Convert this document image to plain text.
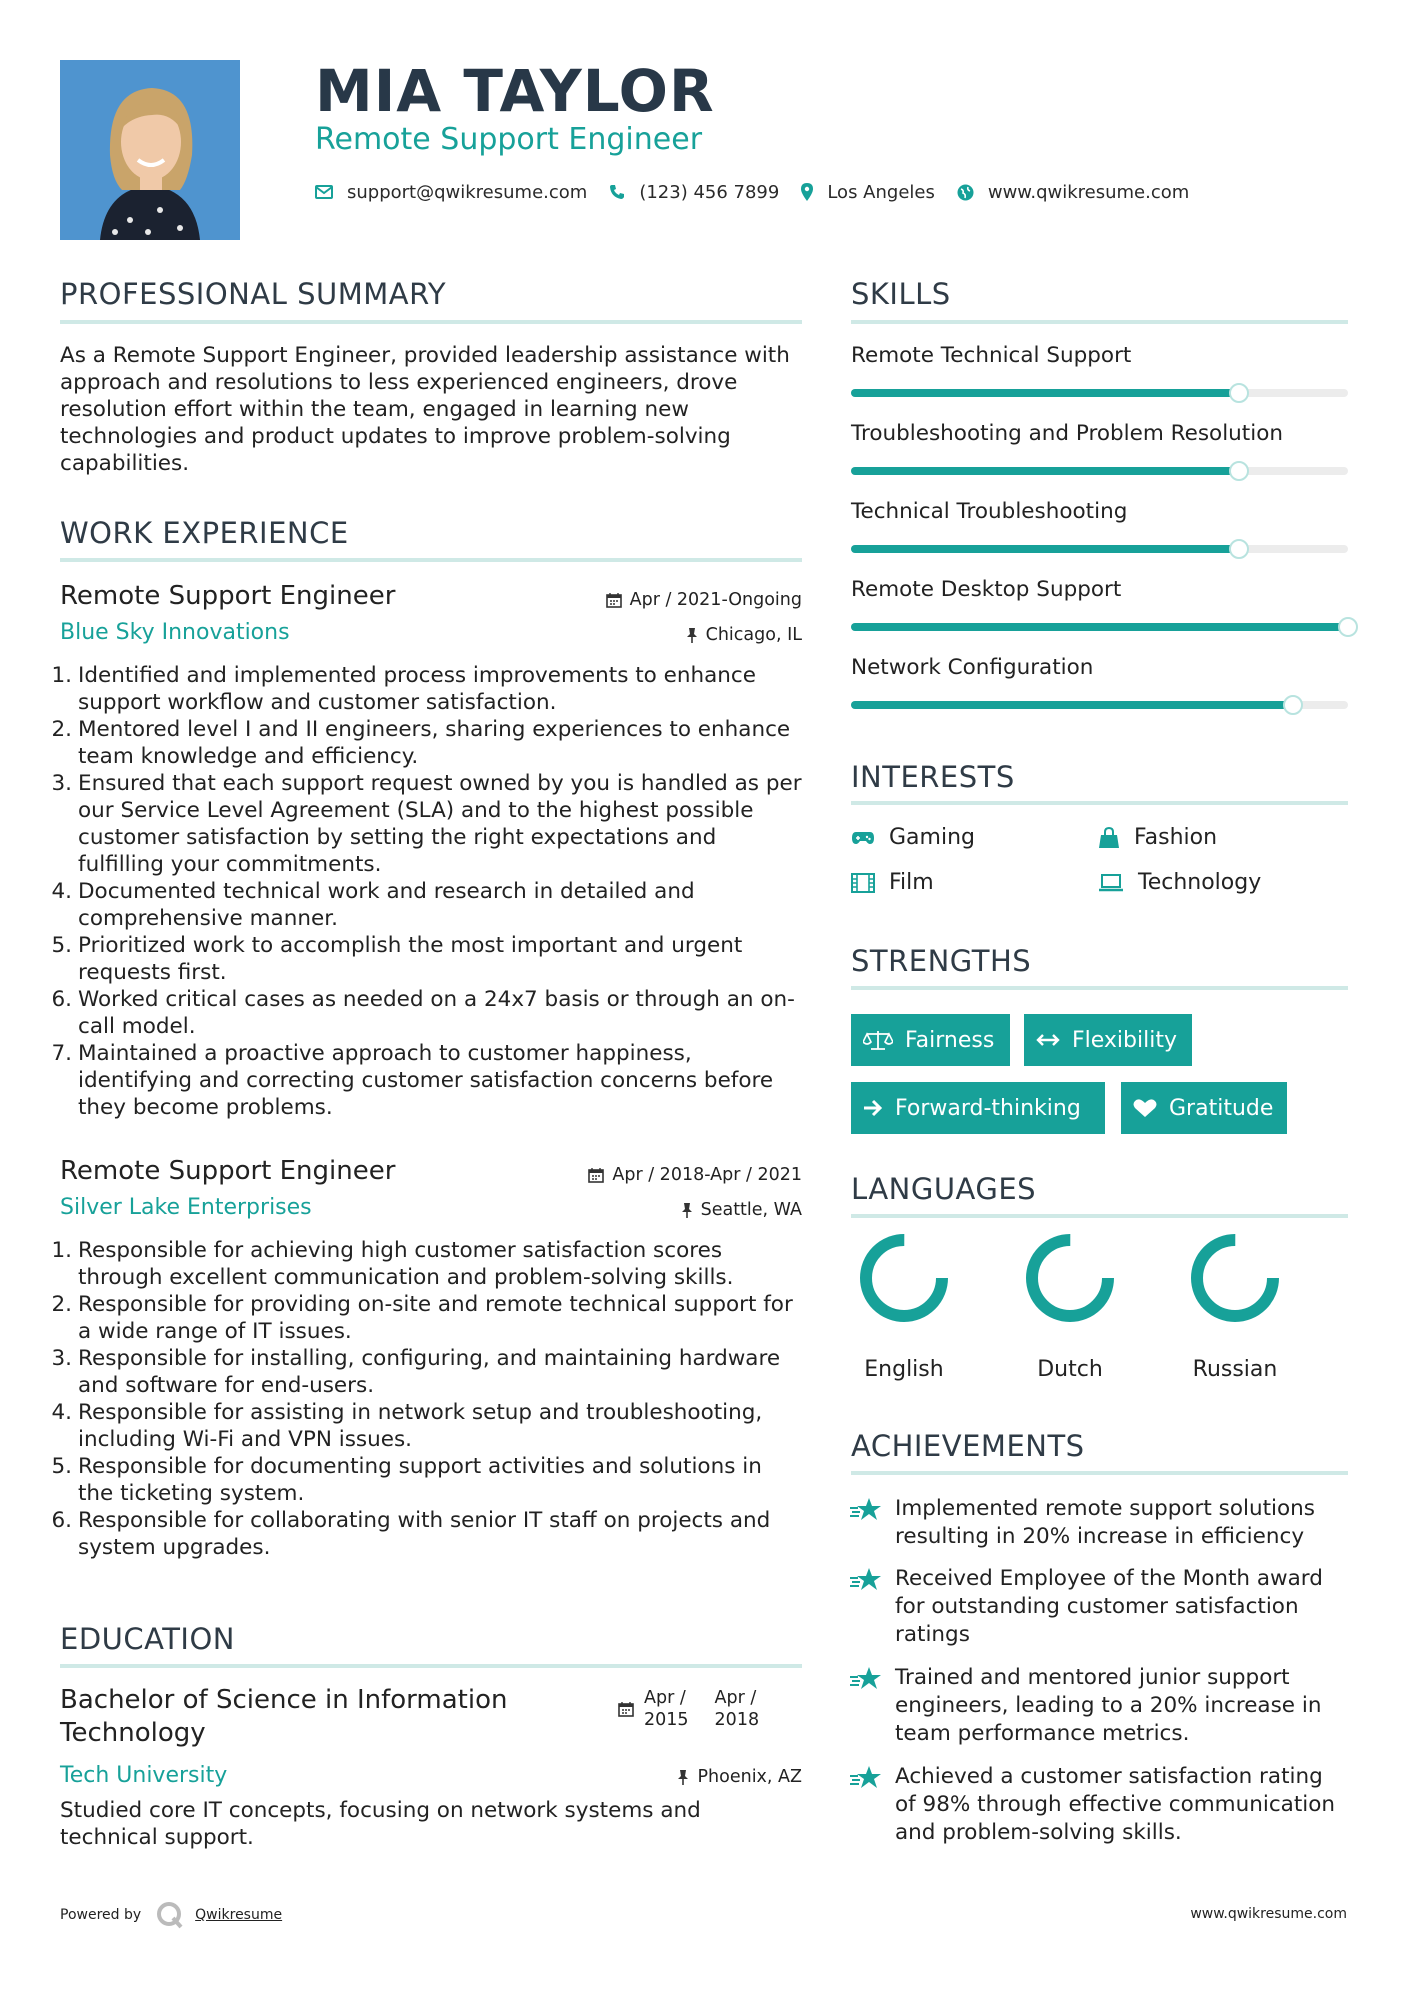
MIA TAYLOR
Remote Support Engineer
support@qwikresume.com	(123) 456 7899	Los Angeles	www.qwikresume.com
PROFESSIONAL SUMMARY
As a Remote Support Engineer, provided leadership assistance with approach and resolutions to less experienced engineers, drove resolution effort within the team, engaged in learning new technologies and product updates to improve problem-solving capabilities.
WORK EXPERIENCE
Remote Support Engineer	Apr / 2021-Ongoing
Blue Sky Innovations	Chicago, IL
1. Identified and implemented process improvements to enhance support workflow and customer satisfaction.
2. Mentored level I and II engineers, sharing experiences to enhance team knowledge and efficiency.
3. Ensured that each support request owned by you is handled as per our Service Level Agreement (SLA) and to the highest possible customer satisfaction by setting the right expectations and fulfilling your commitments.
4. Documented technical work and research in detailed and comprehensive manner.
5. Prioritized work to accomplish the most important and urgent requests first.
6. Worked critical cases as needed on a 24x7 basis or through an on-call model.
7. Maintained a proactive approach to customer happiness, identifying and correcting customer satisfaction concerns before they become problems.
Remote Support Engineer	Apr / 2018-Apr / 2021
Silver Lake Enterprises	Seattle, WA
1. Responsible for achieving high customer satisfaction scores through excellent communication and problem-solving skills.
2. Responsible for providing on-site and remote technical support for a wide range of IT issues.
3. Responsible for installing, configuring, and maintaining hardware and software for end-users.
4. Responsible for assisting in network setup and troubleshooting, including Wi-Fi and VPN issues.
5. Responsible for documenting support activities and solutions in the ticketing system.
6. Responsible for collaborating with senior IT staff on projects and system upgrades.
EDUCATION
Bachelor of Science in Information Technology
Apr /
2015
Apr /
2018
Tech University	Phoenix, AZ
Studied core IT concepts, focusing on network systems and technical support.
SKILLS
Remote Technical Support
Troubleshooting and Problem Resolution
Technical Troubleshooting
Remote Desktop Support
Network Configuration
INTERESTS
Gaming	Fashion
Film	Technology
STRENGTHS
Fairness	Flexibility
Forward-thinking	Gratitude
LANGUAGES
English	Dutch	Russian
ACHIEVEMENTS
Implemented remote support solutions resulting in 20% increase in efficiency
Received Employee of the Month award for outstanding customer satisfaction ratings
Trained and mentored junior support engineers, leading to a 20% increase in team performance metrics.
Achieved a customer satisfaction rating of 98% through effective communication and problem-solving skills.
Powered by	Qwikresume	www.qwikresume.com
